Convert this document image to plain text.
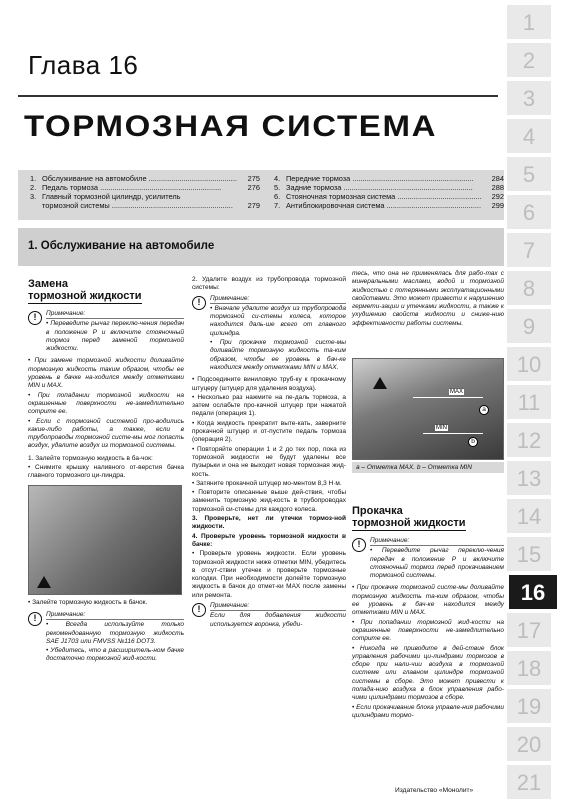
Глава 16
ТОРМОЗНАЯ СИСТЕМА
1. Обслуживание на автомобиле ...........................................	275
2. Педаль тормоза ...........................................................	276
3. Главный тормозной цилиндр, усилитель
тормозной системы ...........................................................	279
4. Передние тормоза ...........................................................	284
5. Задние тормоза ...............................................................	288
6. Стояночная тормозная система .........................................	292
7. Антиблокировочная система ..............................................	299
1. Обслуживание на автомобиле
1
2
3
4
5
6
7
8
9
10
11
12
13
14
15
16
17
18
19
20
21
Замена
тормозной жидкости
!	Примечание:

• Переведите рычаг переклю-чения передач в положение P и включите стояночный тормоз перед заменой тормозной жидкости.

• При замене тормозной жидкости доливайте тормозную жидкость таким образом, чтобы ее уровень в бачке на-ходился между отметками MIN и MAX.

• При попадании тормозной жидкости на окрашенные поверхности не-замедлительно сотрите ее.

• Если с тормозной системой про-водились какие-либо работы, а также, если в трубопроводы тормозной систе-мы мог попасть воздух, удалите воздух из тормозной системы.

1. Залейте тормозную жидкость в ба-чок:

• Снимите крышку наливного от-верстия бачка главного тормозного ци-линдра.

• Залейте тормозную жидкость в бачок.

!	Примечание:

• Всегда используйте только рекомендованную тормозную жидкость SAE J1703 или FMVSS №116 DOT3.

• Убедитесь, что в расширитель-ном бачке достаточно тормозной жид-кости.

2. Удалите воздух из трубопровода тормозной системы:

!	Примечание:

• Вначале удалите воздух из трубопровода тормозной си-стемы колеса, которое находится даль-ше всего от главного цилиндра.

• При прокачке тормозной систе-мы доливайте тормозную жидкость та-ким образом, чтобы ее уровень в бач-ке находился между отметками MIN и MAX.

• Подсоедините виниловую труб-ку к прокачному штуцеру (штуцер для удаления воздуха).

• Несколько раз нажмите на пе-даль тормоза, а затем ослабьте про-качной штуцер при нажатой педали (операция 1).

• Когда жидкость прекратит выте-кать, заверните прокачной штуцер и от-пустите педаль тормоза (операция 2).

• Повторяйте операции 1 и 2 до тех пор, пока из тормозной жидкости не будут удалены все пузырьки и она не выходит новая тормозная жид-кость.

• Затяните прокачной штуцер мо-ментом 8,3 Н·м.

• Повторите описанные выше дей-ствия, чтобы заменить тормозную жид-кость в трубопроводах тормозной си-стемы для каждого колеса.

3. Проверьте, нет ли утечки тормоз-ной жидкости.

4. Проверьте уровень тормозной жидкости в бачке:

• Проверьте уровень жидкости. Если уровень тормозной жидкости ниже отметки MIN, убедитесь в отсут-ствии утечек и проверьте тормозные колодки. При необходимости долейте тормозную жидкость в бачок до отмет-ки MAX после замены или ремонта.

!	Примечание:

Если для добавления жидкости используется воронка, убеди-

тесь, что она не применялась для рабо-тах с минеральными маслами, водой и тормозной жидкостью с потерянными эксплуатационными свойствами. Это может привести к нарушению гермети-зации и утечками жидкости, а также к ухудшению свойств жидкости и сниже-нию эффективности работы системы.

MAX
MIN
a
b
a – Отметка MAX. b – Отметка MIN
Прокачка
тормозной жидкости
!	Примечание:

• Переведите рычаг переклю-чения передач в положение P и включите стояночный тормоз перед прокачиванием тормозной системы.

• При прокачке тормозной систе-мы доливайте тормозную жидкость та-ким образом, чтобы ее уровень в бач-ке находился между отметками MIN и MAX.

• При попадании тормозной жид-кости на окрашенные поверхности не-замедлительно сотрите ее.

• Никогда не приводите в дей-ствие блок управления рабочими ци-линдрами тормозов в сборе при нали-чии воздуха в тормозной системе или главном цилиндре тормозной системы в сборе. Это может привести к попада-нию воздуха в блок управления рабо-чими цилиндрами тормозов в сборе.

• Если прокачивание блока управле-ния рабочими цилиндрами тормо-

Издательство «Монолит»
